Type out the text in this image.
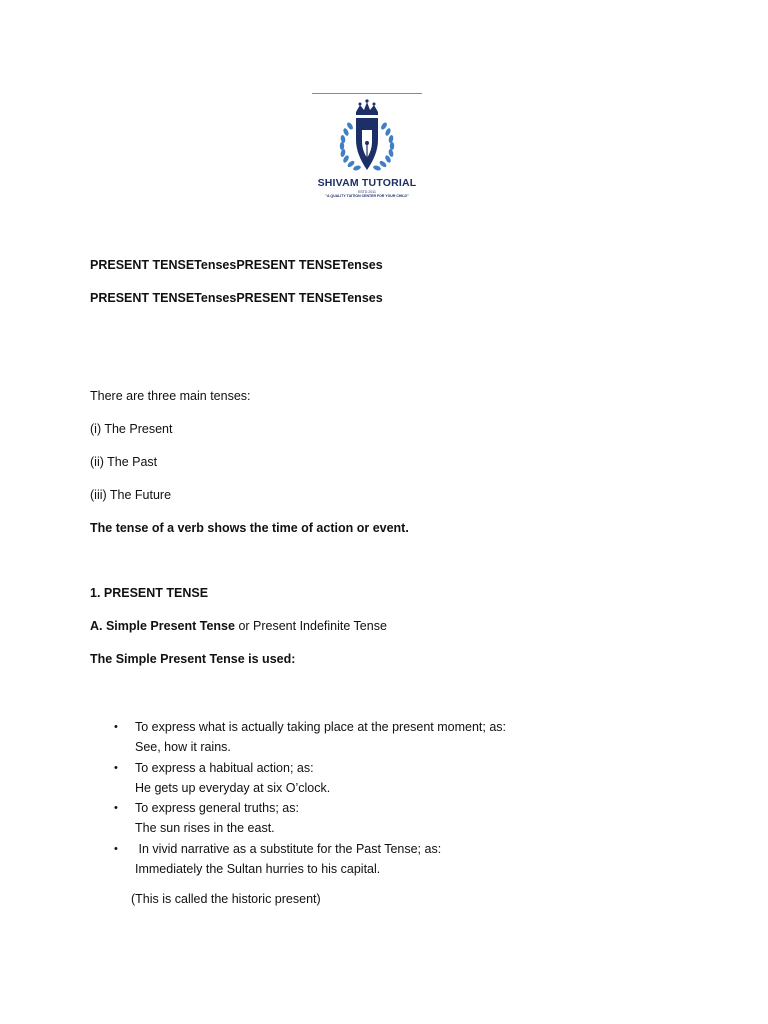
SHIVAM TUTORIAL
ESTD 2011
"A QUALITY TUITION CENTER FOR YOUR CHILD"
PRESENT TENSETensesPRESENT TENSETenses
PRESENT TENSETensesPRESENT TENSETenses
There are three main tenses:
(i) The Present
(ii) The Past
(iii) The Future
The tense of a verb shows the time of action or event.
1. PRESENT TENSE
A. Simple Present Tense or Present Indefinite Tense
The Simple Present Tense is used:
• To express what is actually taking place at the present moment; as:
See, how it rains.
• To express a habitual action; as:
He gets up everyday at six O’clock.
• To express general truths; as:
The sun rises in the east.
• In vivid narrative as a substitute for the Past Tense; as:
Immediately the Sultan hurries to his capital.
(This is called the historic present)
